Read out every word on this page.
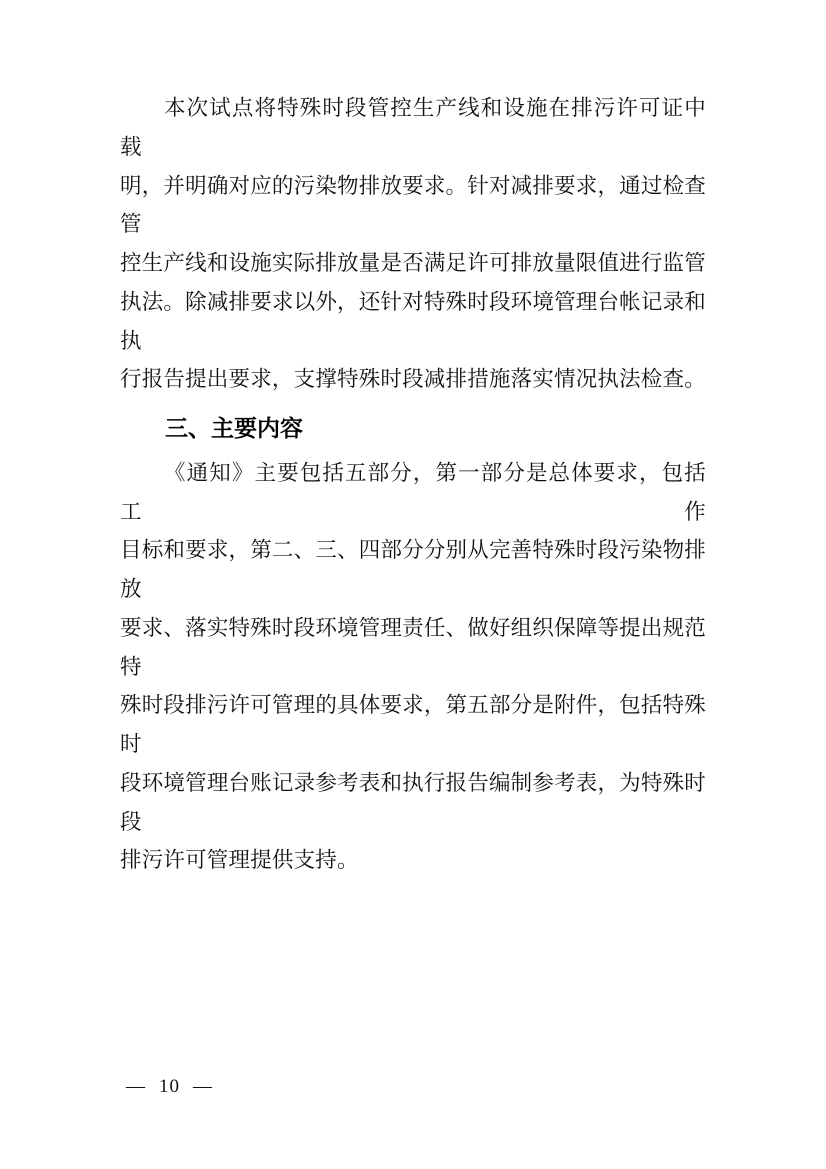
本次试点将特殊时段管控生产线和设施在排污许可证中载
明，并明确对应的污染物排放要求。针对减排要求，通过检查管
控生产线和设施实际排放量是否满足许可排放量限值进行监管
执法。除减排要求以外，还针对特殊时段环境管理台帐记录和执
行报告提出要求，支撑特殊时段减排措施落实情况执法检查。
三、主要内容
《通知》主要包括五部分，第一部分是总体要求，包括工作
目标和要求，第二、三、四部分分别从完善特殊时段污染物排放
要求、落实特殊时段环境管理责任、做好组织保障等提出规范特
殊时段排污许可管理的具体要求，第五部分是附件，包括特殊时
段环境管理台账记录参考表和执行报告编制参考表，为特殊时段
排污许可管理提供支持。
— 10 —
